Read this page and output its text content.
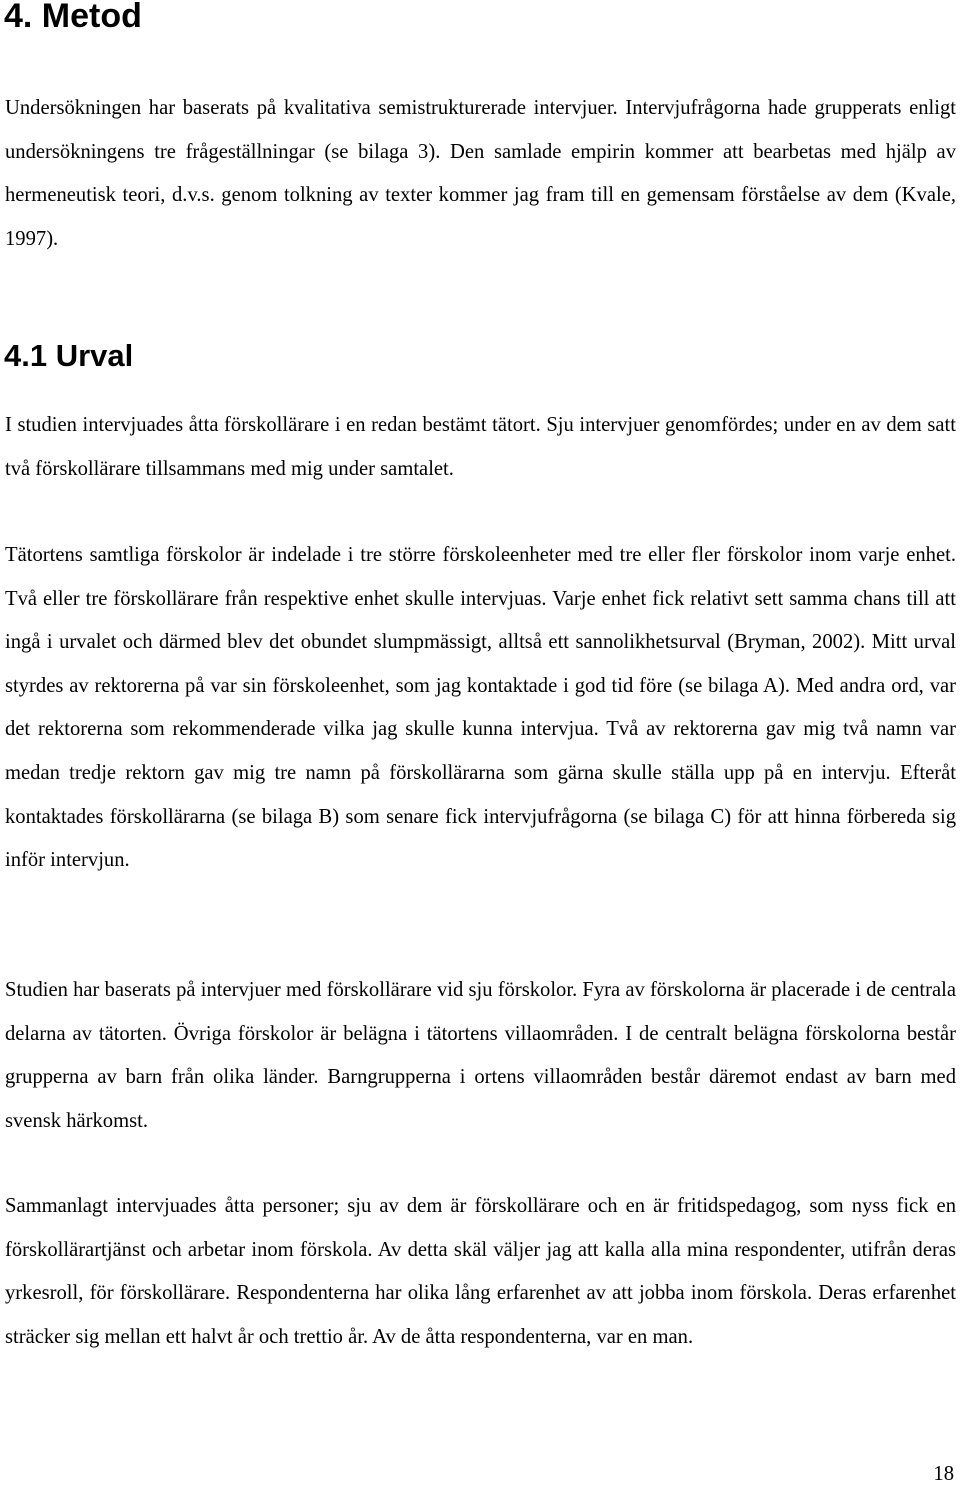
4. Metod

Undersökningen har baserats på kvalitativa semistrukturerade intervjuer. Intervjufrågorna hade grupperats enligt undersökningens tre frågeställningar (se bilaga 3). Den samlade empirin kommer att bearbetas med hjälp av hermeneutisk teori, d.v.s. genom tolkning av texter kommer jag fram till en gemensam förståelse av dem (Kvale, 1997).

4.1 Urval

I studien intervjuades åtta förskollärare i en redan bestämt tätort. Sju intervjuer genomfördes; under en av dem satt två förskollärare tillsammans med mig under samtalet.

Tätortens samtliga förskolor är indelade i tre större förskoleenheter med tre eller fler förskolor inom varje enhet. Två eller tre förskollärare från respektive enhet skulle intervjuas. Varje enhet fick relativt sett samma chans till att ingå i urvalet och därmed blev det obundet slumpmässigt, alltså ett sannolikhetsurval (Bryman, 2002). Mitt urval styrdes av rektorerna på var sin förskoleenhet, som jag kontaktade i god tid före (se bilaga A). Med andra ord, var det rektorerna som rekommenderade vilka jag skulle kunna intervjua. Två av rektorerna gav mig två namn var medan tredje rektorn gav mig tre namn på förskollärarna som gärna skulle ställa upp på en intervju. Efteråt kontaktades förskollärarna (se bilaga B) som senare fick intervjufrågorna (se bilaga C) för att hinna förbereda sig inför intervjun.

Studien har baserats på intervjuer med förskollärare vid sju förskolor. Fyra av förskolorna är placerade i de centrala delarna av tätorten. Övriga förskolor är belägna i tätortens villaområden. I de centralt belägna förskolorna består grupperna av barn från olika länder. Barngrupperna i ortens villaområden består däremot endast av barn med svensk härkomst.

Sammanlagt intervjuades åtta personer; sju av dem är förskollärare och en är fritidspedagog, som nyss fick en förskollärartjänst och arbetar inom förskola. Av detta skäl väljer jag att kalla alla mina respondenter, utifrån deras yrkesroll, för förskollärare. Respondenterna har olika lång erfarenhet av att jobba inom förskola. Deras erfarenhet sträcker sig mellan ett halvt år och trettio år. Av de åtta respondenterna, var en man.

18
